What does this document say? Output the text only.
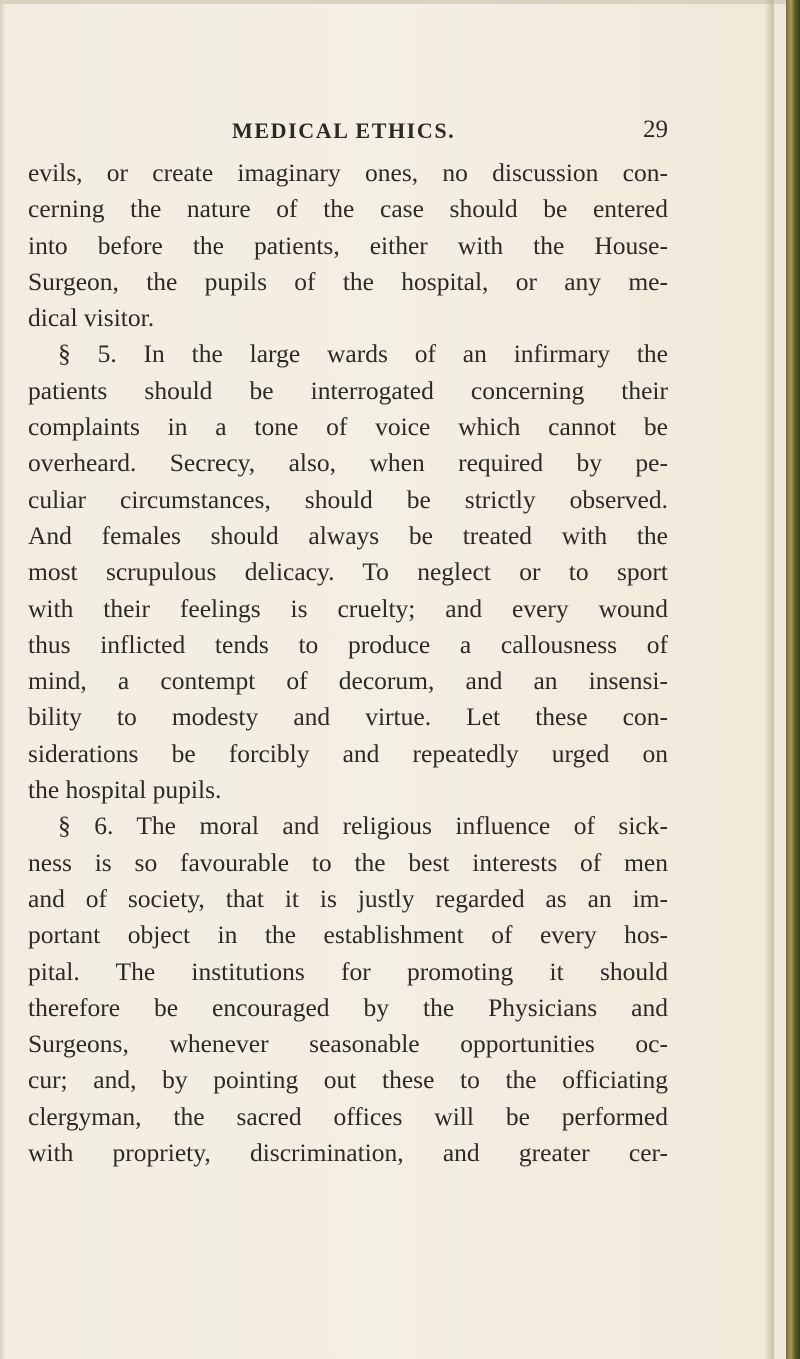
MEDICAL ETHICS.	29
evils, or create imaginary ones, no discussion con-
cerning the nature of the case should be entered
into before the patients, either with the House-
Surgeon, the pupils of the hospital, or any me-
dical visitor.
§ 5. In the large wards of an infirmary the
patients should be interrogated concerning their
complaints in a tone of voice which cannot be
overheard. Secrecy, also, when required by pe-
culiar circumstances, should be strictly observed.
And females should always be treated with the
most scrupulous delicacy. To neglect or to sport
with their feelings is cruelty; and every wound
thus inflicted tends to produce a callousness of
mind, a contempt of decorum, and an insensi-
bility to modesty and virtue. Let these con-
siderations be forcibly and repeatedly urged on
the hospital pupils.
§ 6. The moral and religious influence of sick-
ness is so favourable to the best interests of men
and of society, that it is justly regarded as an im-
portant object in the establishment of every hos-
pital. The institutions for promoting it should
therefore be encouraged by the Physicians and
Surgeons, whenever seasonable opportunities oc-
cur; and, by pointing out these to the officiating
clergyman, the sacred offices will be performed
with propriety, discrimination, and greater cer-
